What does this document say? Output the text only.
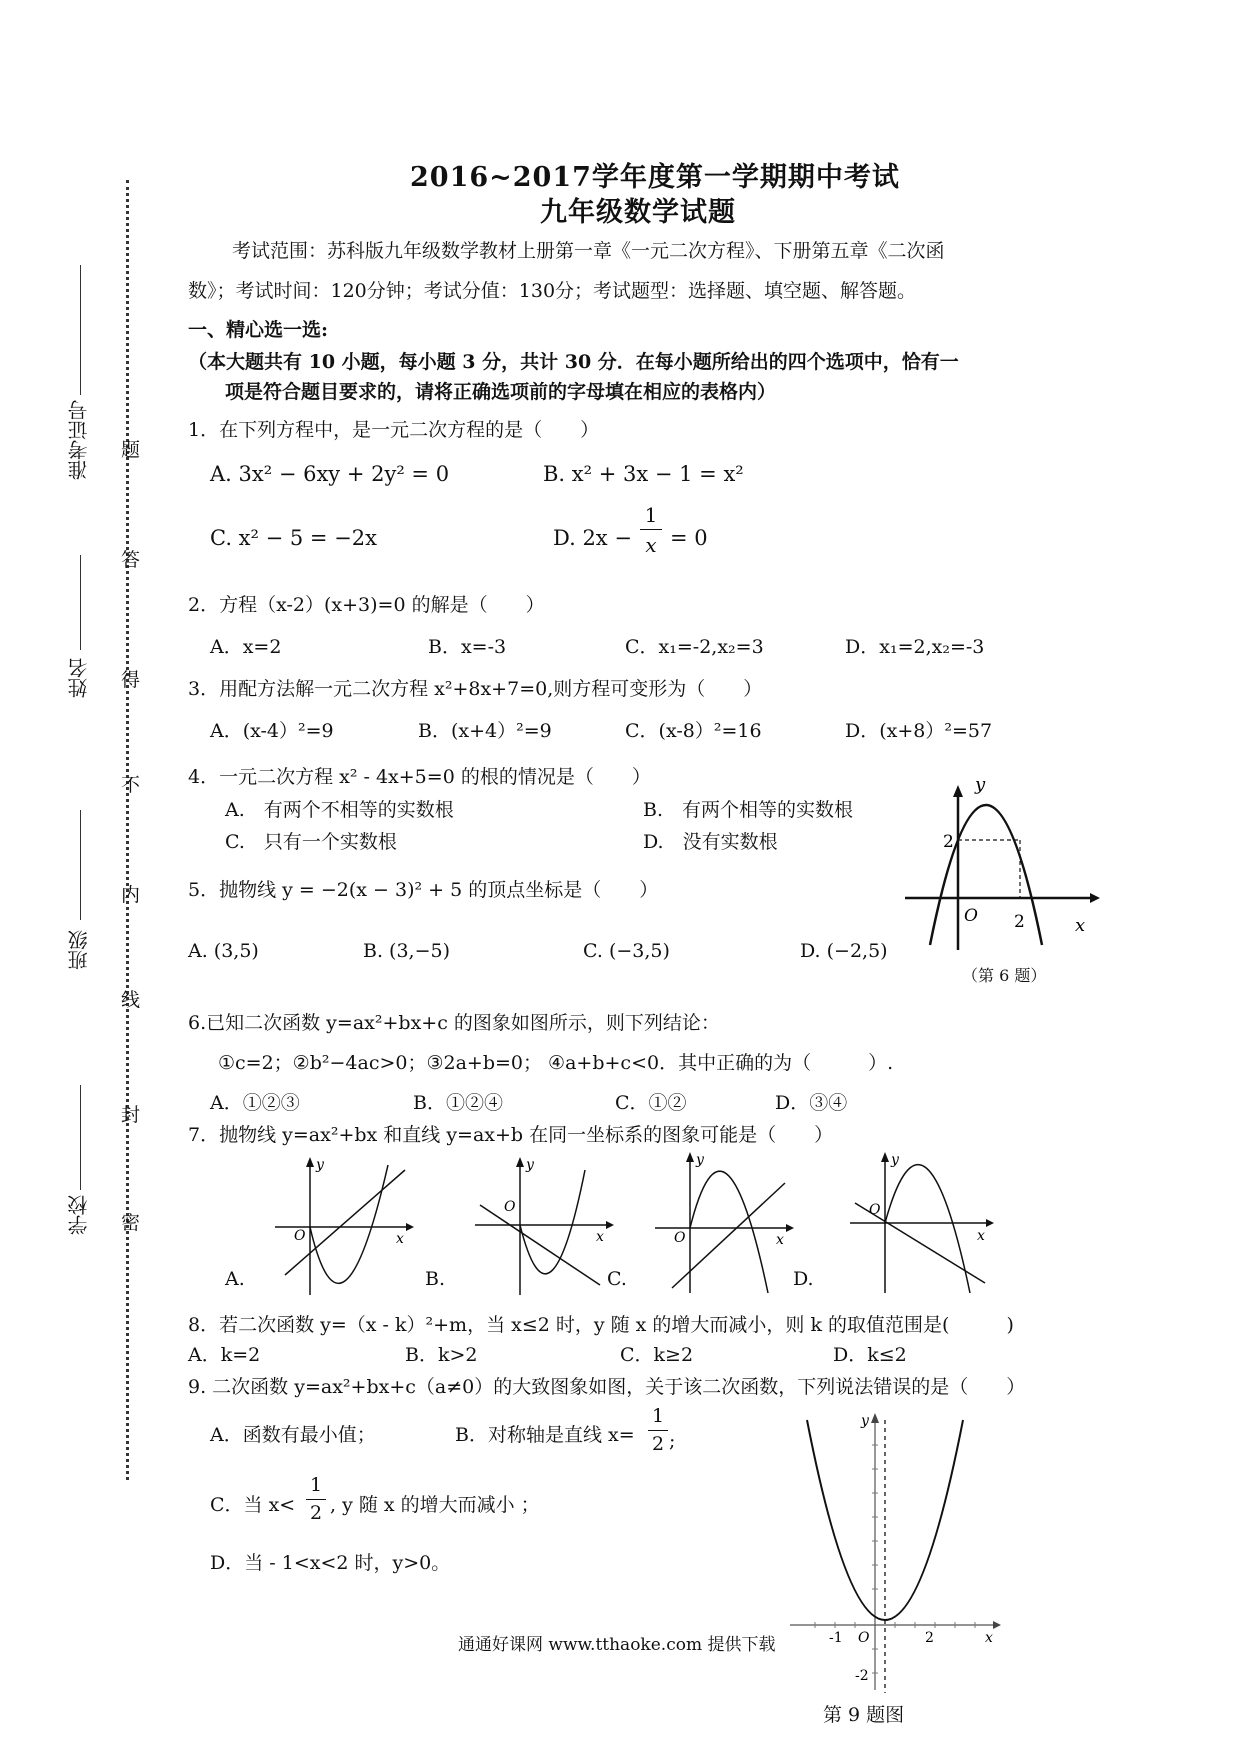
准考证号
姓名
班级
学校
题
答
得
不
内
线
封
密
2016~2017学年度第一学期期中考试
九年级数学试题
考试范围：苏科版九年级数学教材上册第一章《一元二次方程》、下册第五章《二次函
数》；考试时间：120分钟；考试分值：130分；考试题型：选择题、填空题、解答题。
一、精心选一选:
（本大题共有 10 小题，每小题 3 分，共计 30 分．在每小题所给出的四个选项中，恰有一
项是符合题目要求的，请将正确选项前的字母填在相应的表格内）
1．在下列方程中，是一元二次方程的是（　　）
A. 3x² − 6xy + 2y² = 0	B. x² + 3x − 1 = x²
C. x² − 5 = −2x	D. 2x −
1
x = 0
2．方程（x-2）(x+3)=0 的解是（　　）
A．x=2	B．x=-3	C．x₁=-2,x₂=3	D．x₁=2,x₂=-3
3．用配方法解一元二次方程 x²+8x+7=0,则方程可变形为（　　）
A．(x-4）²=9	B．(x+4）²=9	C．(x-8）²=16	D．(x+8）²=57
4．一元二次方程 x² - 4x+5=0 的根的情况是（　　）
A.　有两个不相等的实数根	B.　有两个相等的实数根
C.　只有一个实数根	D.　没有实数根
5．抛物线 y = −2(x − 3)² + 5 的顶点坐标是（　　）
A. (3,5)	B. (3,−5)	C. (−3,5)	D. (−2,5)
y
2
O 2	x
（第 6 题）
6.已知二次函数 y=ax²+bx+c 的图象如图所示，则下列结论：
①c=2；②b²−4ac>0；③2a+b=0； ④a+b+c<0．其中正确的为（　　　）.
A．①②③	B．①②④	C．①②	D．③④
7．抛物线 y=ax²+bx 和直线 y=ax+b 在同一坐标系的图象可能是（　　）
y
O	x
A.
y
O
x
B.
y
O	x
C.
y
O
x
D.
8．若二次函数 y=（x - k）²+m，当 x≤2 时，y 随 x 的增大而减小，则 k 的取值范围是(　　　)
A．k=2	B．k>2	C．k≥2	D．k≤2
9. 二次函数 y=ax²+bx+c（a≠0）的大致图象如图，关于该二次函数，下列说法错误的是（　　）
A．函数有最小值；	B．对称轴是直线 x=
1
2 ;
C．当 x<
1
2 , y 随 x 的增大而减小 ；
D．当 - 1<x<2 时，y>0。
y
-1 O	2	x
-2
第 9 题图
通通好课网 www.tthaoke.com 提供下载
